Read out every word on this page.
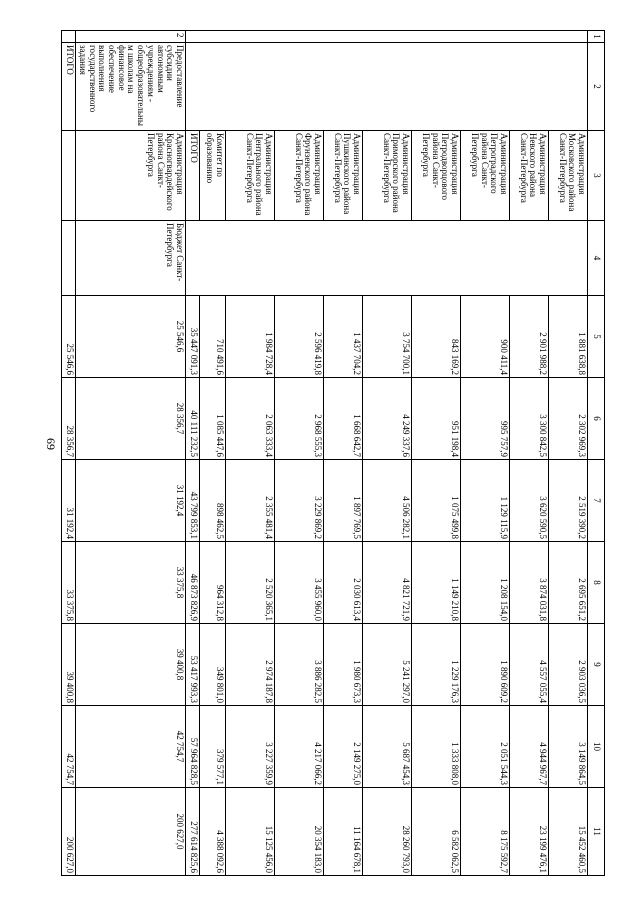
69
1	2	3	4	5	6	7	8	9	10	11
		Администрация Московского района Санкт-Петербурга		1 881 638,8	2 302 969,3	2 519 390,2	2 695 651,2	2 903 036,5	3 149 864,5	15 452 460,5
		Администрация Невского района Санкт-Петербурга		2 901 988,2	3 300 842,5	3 620 590,5	3 874 031,8	4 557 055,4	4 944 967,7	23 199 476,1
		Администрация Петроградского района Санкт-Петербурга		900 411,4	995 757,9	1 129 115,9	1 208 154,0	1 890 609,2	2 051 544,3	8 175 592,7
		Администрация Петродворцового района Санкт-Петербурга		843 169,2	951 198,4	1 075 499,8	1 149 210,8	1 229 176,3	1 333 808,0	6 582 062,5
		Администрация Приморского района Санкт-Петербурга		3 754 700,1	4 249 337,6	4 506 282,1	4 821 721,9	5 241 297,0	5 687 454,3	28 260 793,0
		Администрация Пушкинского района Санкт-Петербурга		1 437 704,2	1 668 642,7	1 897 769,5	2 030 613,4	1 980 673,3	2 149 275,0	11 164 678,1
		Администрация Фрунзенского района Санкт-Петербурга		2 596 419,8	2 968 555,3	3 229 869,2	3 455 960,0	3 886 282,5	4 217 066,2	20 354 183,0
		Администрация Центрального района Санкт-Петербурга		1 984 728,4	2 063 333,4	2 355 481,4	2 520 365,1	2 974 187,8	3 227 359,9	15 125 456,0
		Комитет по образованию		710 491,6	1 085 447,6	898 462,5	964 312,8	349 801,0	379 577,1	4 388 092,6
		ИТОГО		35 447 091,3	40 111 232,5	43 799 853,1	46 873 826,9	53 417 993,3	57 964 828,5	277 614 825,6
2	Предоставление субсидии автономным учреждениям - общеобразовательным школам на финансовое обеспечение выполнения государственного задания	Администрация Красногвардейского района Санкт-Петербурга	Бюджет Санкт-Петербурга	25 546,6	28 356,7	31 192,4	33 375,8	39 400,8	42 754,7	200 627,0
	ИТОГО			25 546,6	28 356,7	31 192,4	33 375,8	39 400,8	42 754,7	200 627,0
